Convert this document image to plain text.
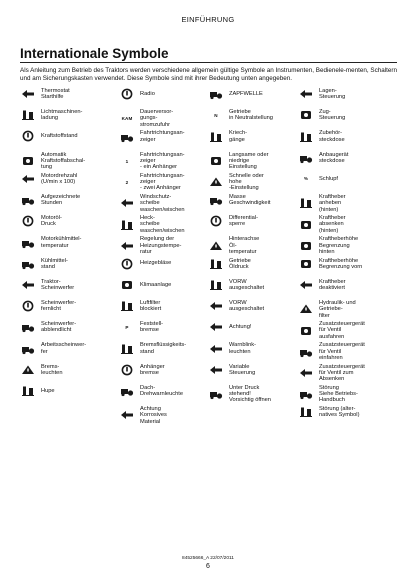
EINFÜHRUNG
Internationale Symbole
Als Anleitung zum Betrieb des Traktors werden verschiedene allgemein gültige Symbole an Instrumenten, Bedienele-menten, Schaltern und am Sicherungskasten verwendet. Diese Symbole sind mit ihrer Bedeutung unten angegeben.
Thermostat
Starthilfe
Lichtmaschinen-
ladung
Kraftstoffstand
Automatik
Kraftstoffabschal-
tung
Motordrehzahl
(U/min x 100)
Aufgezeichnete
Stunden
Motoröl-
Druck
Motorkühlmittel-
temperatur
Kühlmittel-
stand
Traktor-
Scheinwerfer
Scheinwerfer-
fernlicht
Scheinwerfer-
abblendlicht
Arbeitsscheinwer-
fer
Brems-
leuchten
Hupe
Radio
KAM
Dauerversor-
gungs-
stromzufuhr
Fahrtrichtungsan-
zeiger
1
Fahrtrichtungsan-
zeiger
- ein Anhänger
2
Fahrtrichtungsan-
zeiger
- zwei Anhänger
Windschutz-
scheibe
waschen/wischen
Heck-
scheibe
waschen/wischen
Regelung der
Heizungstempe-
ratur
Heizgebläse
Klimaanlage
Luftfilter
blockiert
P
Feststell-
bremse
Bremsflüssigkeits-
stand
Anhänger
bremse
Dach-
Drehwarnleuchte
Achtung
Korrosives
Material
ZAPFWELLE
N
Getriebe
in Neutralstellung
Kriech-
gänge
Langsame oder
niedrige
Einstellung
Schnelle oder
hohe
-Einstellung
Masse
Geschwindigkeit
Differential-
sperre
Hinterachse
Öl-
temperatur
Getriebe
Öldruck
VORW
ausgeschaltet
VORW
ausgeschaltet
Achtung!
Warnblink-
leuchten
Variable
Steuerung
Unter Druck
stehend!
Vorsichtig öffnen
Lagen-
Steuerung
Zug-
Steuerung
Zubehör-
steckdose
Anbaugerät
steckdose
% Schlupf
Kraftheber
anheben
(hinten)
Kraftheber
absenken
(hinten)
Kraftheberhöhe
Begrenzung
hinten
Kraftheberhöhe
Begrenzung vorn
Kraftheber
deaktiviert
Hydraulik- und
Getriebe-
filter
Zusatzsteuergerät
für Ventil
ausfahren
Zusatzsteuergerät
für Ventil
einfahren
Zusatzsteuergerät
für Ventil zum
Absenken
Störung
Siehe Betriebs-
Handbuch
Störung (alter-
natives Symbol)
84525666_A 22/07/2011
6
